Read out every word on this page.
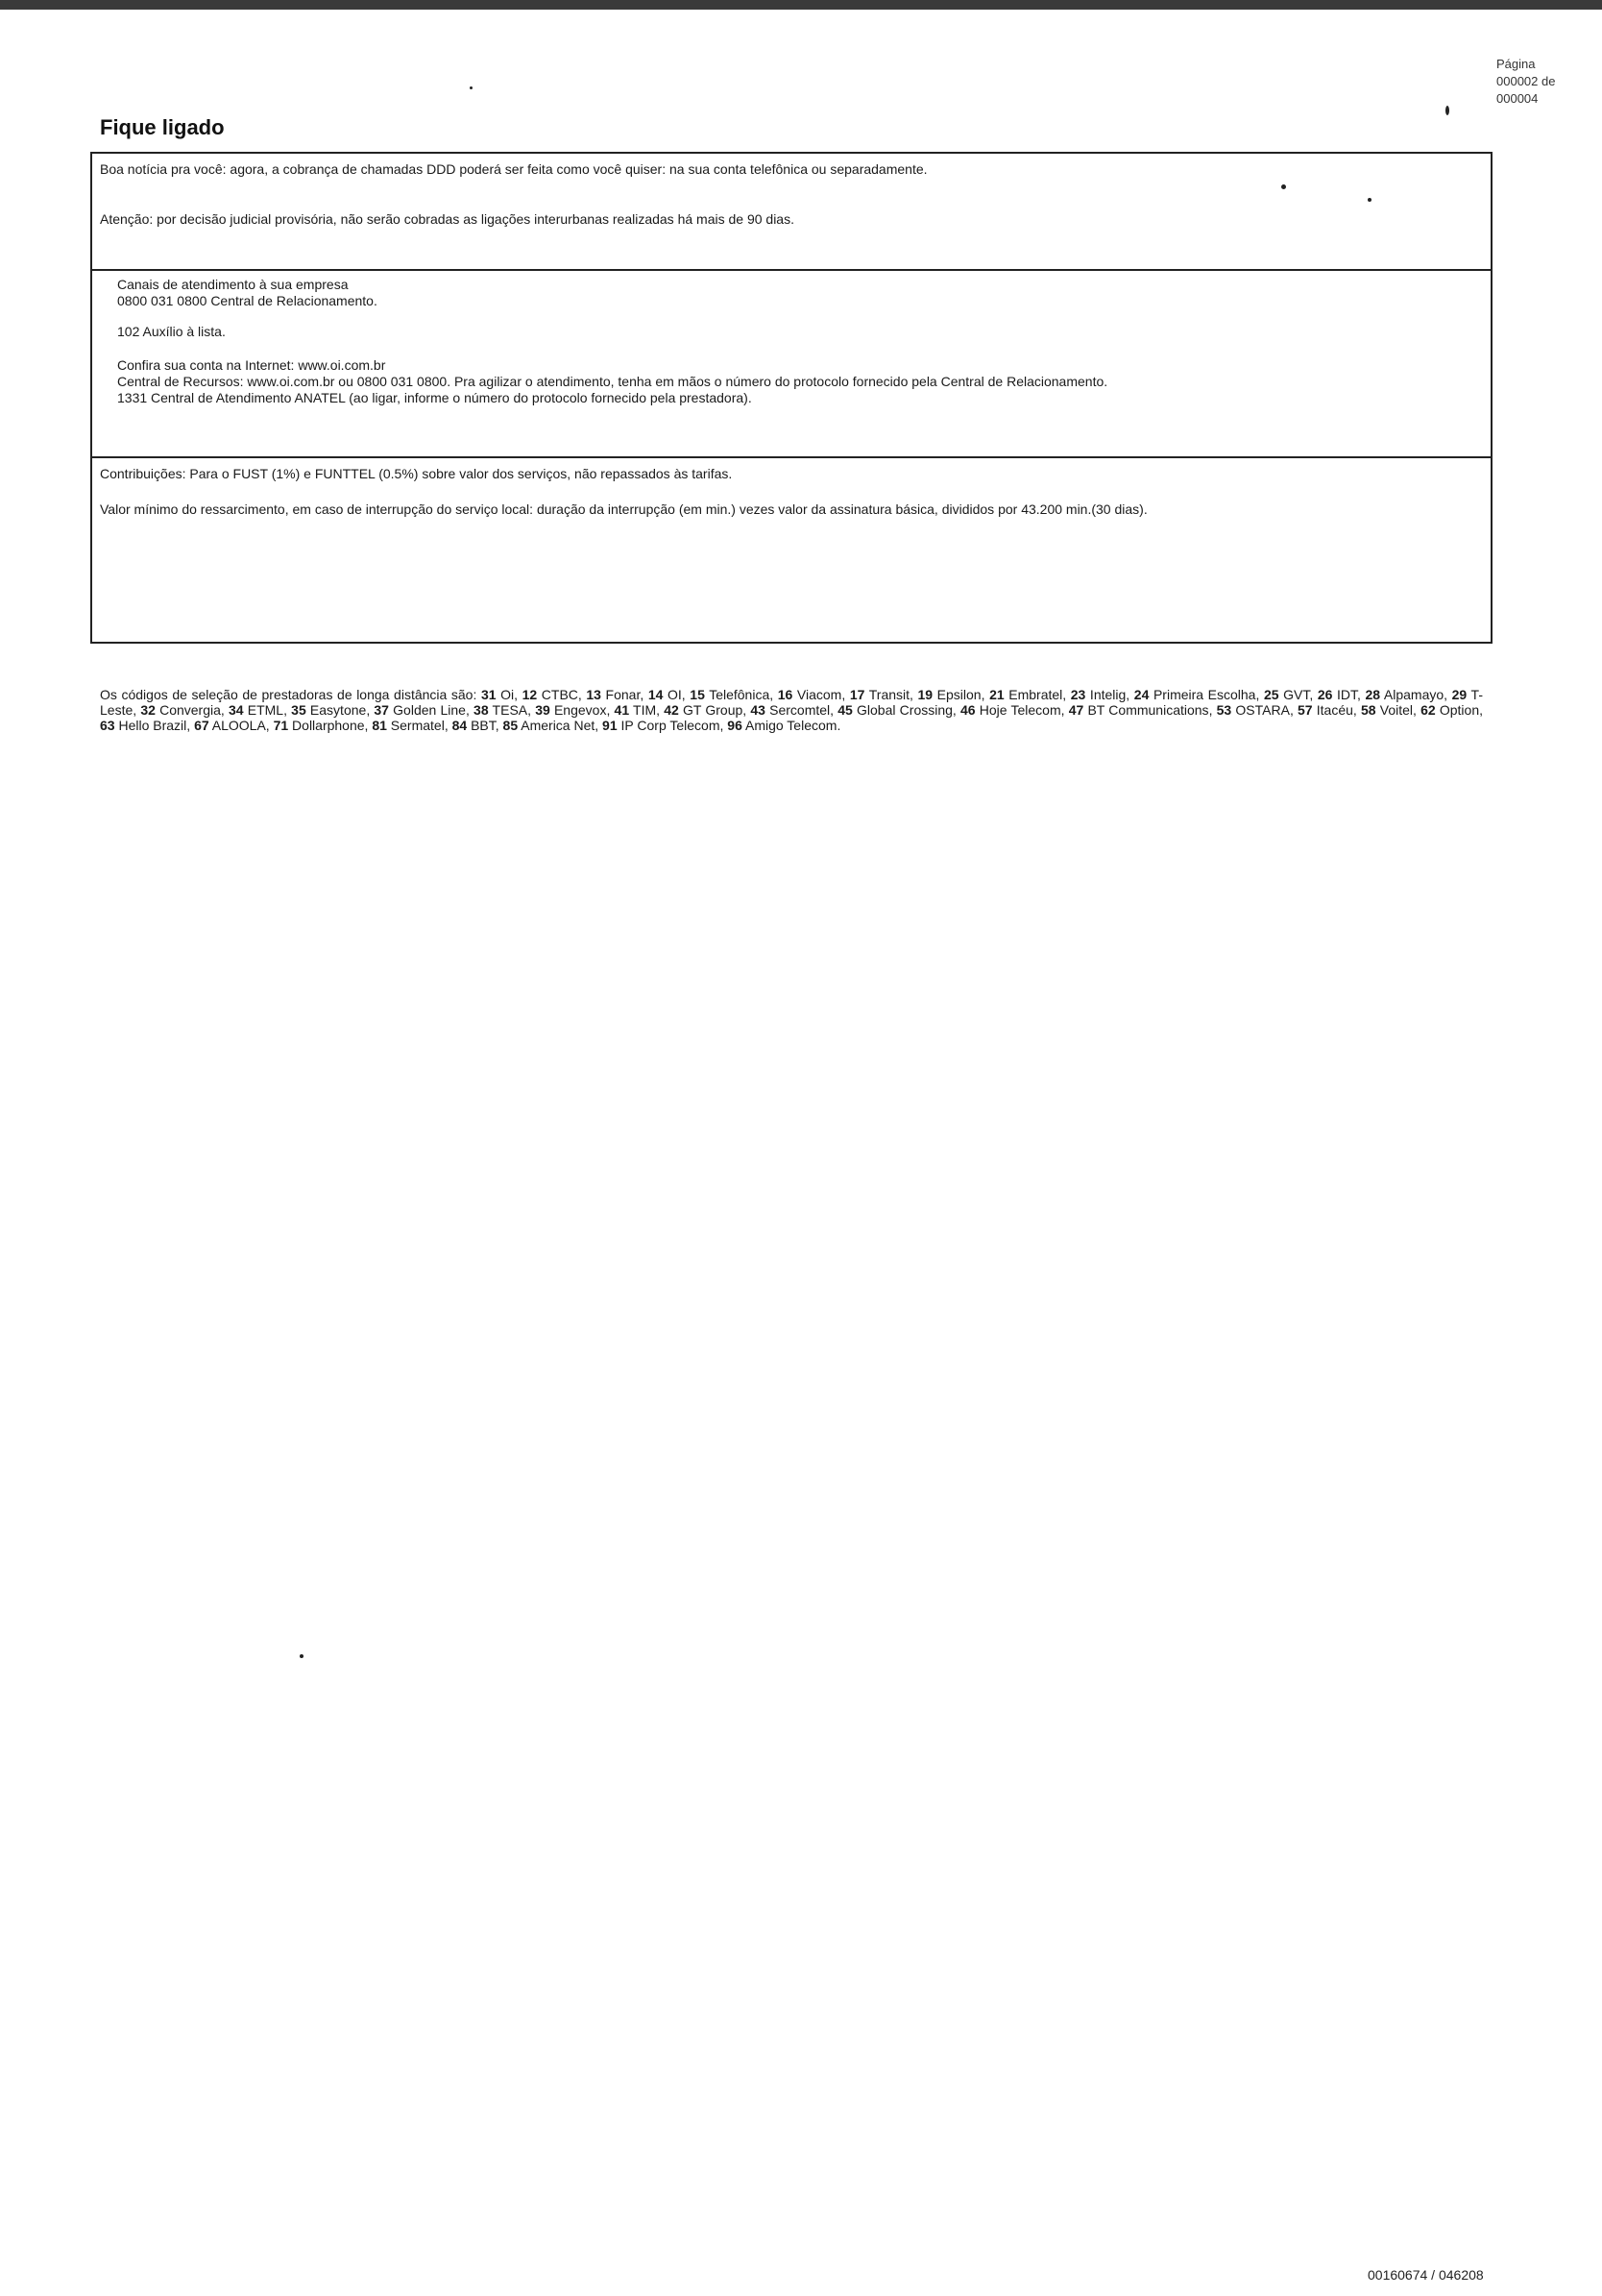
Página
000002 de
000004
Fique ligado
Boa notícia pra você: agora, a cobrança de chamadas DDD poderá ser feita como você quiser: na sua conta telefônica ou separadamente.
Atenção: por decisão judicial provisória, não serão cobradas as ligações interurbanas realizadas há mais de 90 dias.
Canais de atendimento à sua empresa
0800 031 0800 Central de Relacionamento.
102 Auxílio à lista.
Confira sua conta na Internet: www.oi.com.br
Central de Recursos: www.oi.com.br ou 0800 031 0800. Pra agilizar o atendimento, tenha em mãos o número do protocolo fornecido pela Central de Relacionamento.
1331 Central de Atendimento ANATEL (ao ligar, informe o número do protocolo fornecido pela prestadora).
Contribuições: Para o FUST (1%) e FUNTTEL (0.5%) sobre valor dos serviços, não repassados às tarifas.
Valor mínimo do ressarcimento, em caso de interrupção do serviço local: duração da interrupção (em min.) vezes valor da assinatura básica, divididos por 43.200 min.(30 dias).
Os códigos de seleção de prestadoras de longa distância são: 31 Oi, 12 CTBC, 13 Fonar, 14 OI, 15 Telefônica, 16 Viacom, 17 Transit, 19 Epsilon, 21 Embratel, 23 Intelig, 24 Primeira Escolha, 25 GVT, 26 IDT, 28 Alpamayo, 29 T-Leste, 32 Convergia, 34 ETML, 35 Easytone, 37 Golden Line, 38 TESA, 39 Engevox, 41 TIM, 42 GT Group, 43 Sercomtel, 45 Global Crossing, 46 Hoje Telecom, 47 BT Communications, 53 OSTARA, 57 Itacéu, 58 Voitel, 62 Option, 63 Hello Brazil, 67 ALOOLA, 71 Dollarphone, 81 Sermatel, 84 BBT, 85 America Net, 91 IP Corp Telecom, 96 Amigo Telecom.
00160674 / 046208
